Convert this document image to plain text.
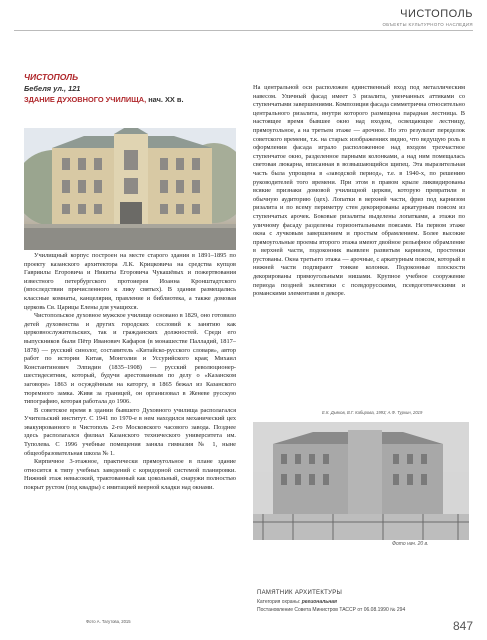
ЧИСТОПОЛЬ
ОБЪЕКТЫ КУЛЬТУРНОГО НАСЛЕДИЯ

ЧИСТОПОЛЬ

Бебеля ул., 121

ЗДАНИЕ ДУХОВНОГО УЧИЛИЩА, нач. ХХ в.

Училищный корпус построен на месте старого здания в 1891–1895 по проекту казанского архитектора Л.К. Крицковича на средства купцов Гавриилы Егоровича и Никиты Егоровича Чукашёвых и пожертвования известного петербургского протоиерея Иоанна Кронштадтского (впоследствии причисленного к лику святых). В здании размещались классные комнаты, канцелярия, правление и библиотека, а также домовая церковь Св. Царицы Елены для учащихся.

Чистопольское духовное мужское училище основано в 1829, оно готовило детей духовенства и других городских сословий к занятию как церковнослужительских, так и гражданских должностей. Среди его выпускников были Пётр Иванович Кафаров (в монашестве Палладий, 1817–1878) — русский синолог, составитель «Китайско-русского словаря», автор работ по истории Китая, Монголии и Уссурийского края; Михаил Константинович Элпидин (1835–1908) — русский революционер-шестидесятник, который, будучи арестованным по делу о «Казанском заговоре» 1863 и осуждённым на каторгу, в 1865 бежал из Казанского тюремного замка. Живя за границей, он организовал в Женеве русскую типографию, которая работала до 1906.

В советское время в здании бывшего Духовного училища располагался Учительский институт. С 1941 по 1970-е в нем находился механический цех эвакуированного в Чистополь 2-го Московского часового завода. Позднее здесь располагался филиал Казанского технического университета им. Туполева. С 1996 учебные помещения заняла гимназия № 1, ныне общеобразовательная школа № 1.

Кирпичное 3-этажное, практически прямоугольное в плане здание относится к типу учебных заведений с коридорной системой планировки. Нижний этаж невысокий, трактованный как цокольный, снаружи полностью покрыт рустом (под квадры) с имитацией веерной кладки над окнами.

Фото А. Тагутова, 2015

На центральной оси расположен единственный вход под металлическим навесом. Уличный фасад имеет 3 ризалита, увенчанных аттиками со ступенчатыми завершениями. Композиция фасада симметрична относительно центрального ризалита, внутри которого размещена парадная лестница. В настоящее время бывшее окно над входом, освещающее лестницу, прямоугольное, а на третьем этаже — арочное. Но это результат переделок советского времени, т.к. на старых изображениях видно, что ведущую роль в оформлении фасада играло расположенное над входом трехчастное ступенчатое окно, разделенное парными колонками, а над ним помещалась световая люкарна, вписанная в возвышающийся щипец. Эта выразительная часть была упрощена в «заводской период», т.е. в 1940-х, по решению руководителей того времени. При этом в правом крыле ликвидированы всякие признаки домовой училищной церкви, которую превратили в обычную аудиторию (цех). Лопатки в верхней части, фриз под карнизом ризалита и по всему периметру стен декорированы аркатурным поясом из ступенчатых арочек. Боковые ризалиты выделены лопатками, а этажи по уличному фасаду разделены горизонтальными поясами. На первом этаже окна с лучковым завершением и простым обрамлением. Более высокие прямоугольные проемы второго этажа имеют двойное рельефное обрамление в верхней части, подоконник выявлен развитым карнизом, простенки рустованы. Окна третьего этажа — арочные, с аркатурным поясом, который в нижней части подпирают тонкие колонки. Подоконные плоскости декорированы прямоугольными нишами. Крупное учебное сооружение периода поздней эклектики с псевдорусскими, псевдоготическими и романскими элементами в декоре.

Е.К. Дьяков, В.Г. Кабирова, 1993; А.Ф. Туркин, 2019
Фото нач. 20 в.
ПАМЯТНИК АРХИТЕКТУРЫ
Категория охраны: региональная
Постановление Совета Министров ТАССР от 06.08.1990 № 294
847
